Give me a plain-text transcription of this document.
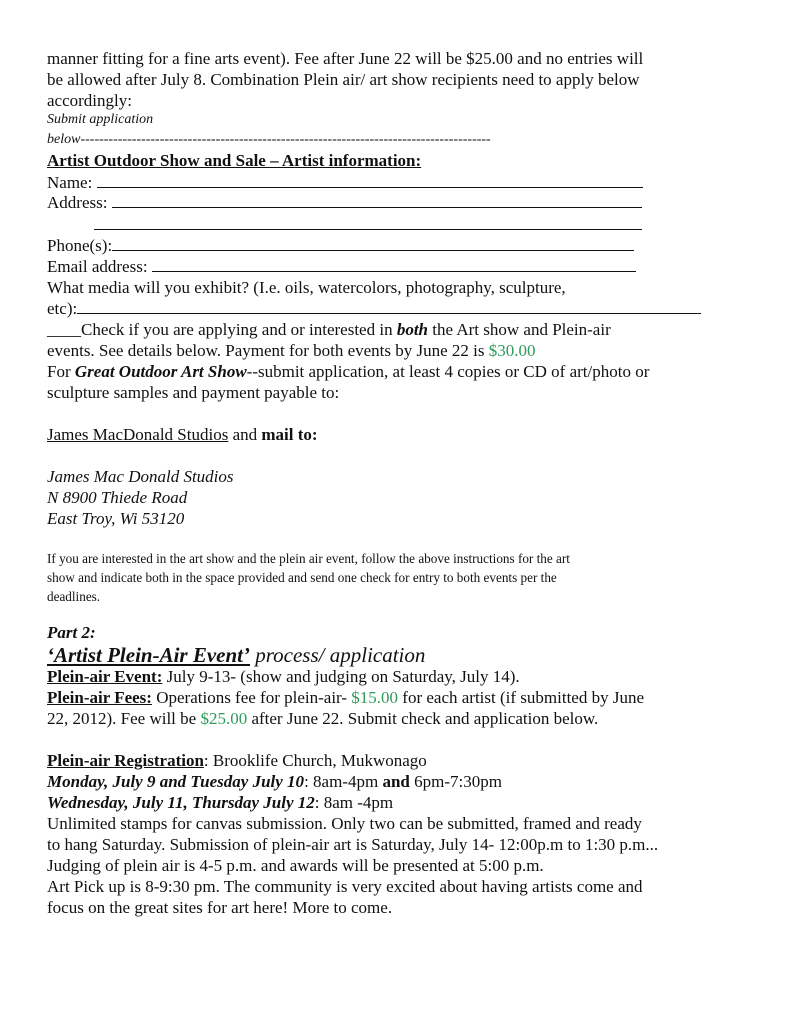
manner fitting for a fine arts event). Fee after June 22 will be $25.00 and no entries will
be allowed after July 8. Combination Plein air/ art show recipients need to apply below
accordingly:
Submit application
below----------------------------------------------------------------------------------------
Artist Outdoor Show and Sale – Artist information:
Name:
Address:
Phone(s):
Email address:
What media will you exhibit? (I.e. oils, watercolors, photography, sculpture,
etc):
____Check if you are applying and or interested in both the Art show and Plein-air
events. See details below. Payment for both events by June 22 is $30.00
For Great Outdoor Art Show--submit application, at least 4 copies or CD of art/photo or
sculpture samples and payment payable to:
James MacDonald Studios and mail to:
James Mac Donald Studios
N 8900 Thiede Road
East Troy, Wi 53120
If you are interested in the art show and the plein air event, follow the above instructions for the art
show and indicate both in the space provided and send one check for entry to both events per the
deadlines.
Part 2:
‘Artist Plein-Air Event’ process/ application
Plein-air Event: July 9-13- (show and judging on Saturday, July 14).
Plein-air Fees: Operations fee for plein-air- $15.00 for each artist (if submitted by June
22, 2012). Fee will be $25.00 after June 22. Submit check and application below.
Plein-air Registration: Brooklife Church, Mukwonago
Monday, July 9 and Tuesday July 10: 8am-4pm and 6pm-7:30pm
Wednesday, July 11, Thursday July 12: 8am -4pm
Unlimited stamps for canvas submission. Only two can be submitted, framed and ready
to hang Saturday. Submission of plein-air art is Saturday, July 14- 12:00p.m to 1:30 p.m...
Judging of plein air is 4-5 p.m. and awards will be presented at 5:00 p.m.
Art Pick up is 8-9:30 pm. The community is very excited about having artists come and
focus on the great sites for art here! More to come.
